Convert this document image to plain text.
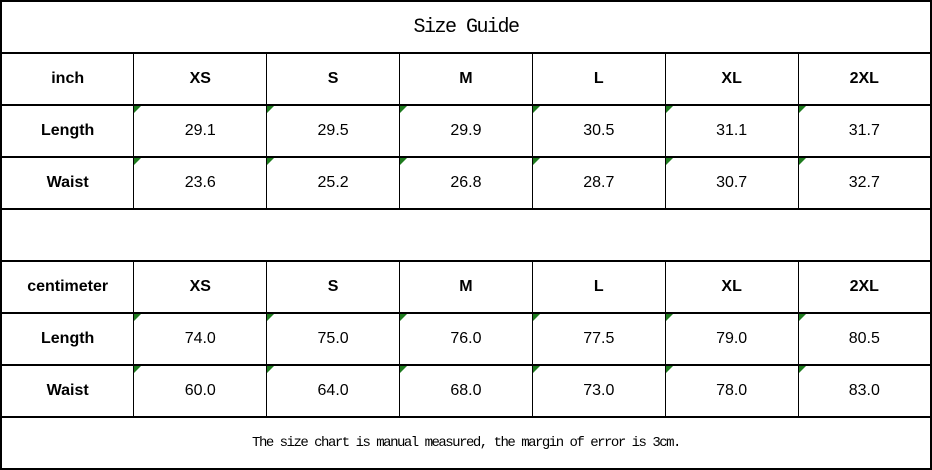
Size Guide						
inch	XS	S	M	L	XL	2XL
Length	29.1	29.5	29.9	30.5	31.1	31.7
Waist	23.6	25.2	26.8	28.7	30.7	32.7

centimeter	XS	S	M	L	XL	2XL
Length	74.0	75.0	76.0	77.5	79.0	80.5
Waist	60.0	64.0	68.0	73.0	78.0	83.0
The size chart is manual measured, the margin of error is 3cm.						
